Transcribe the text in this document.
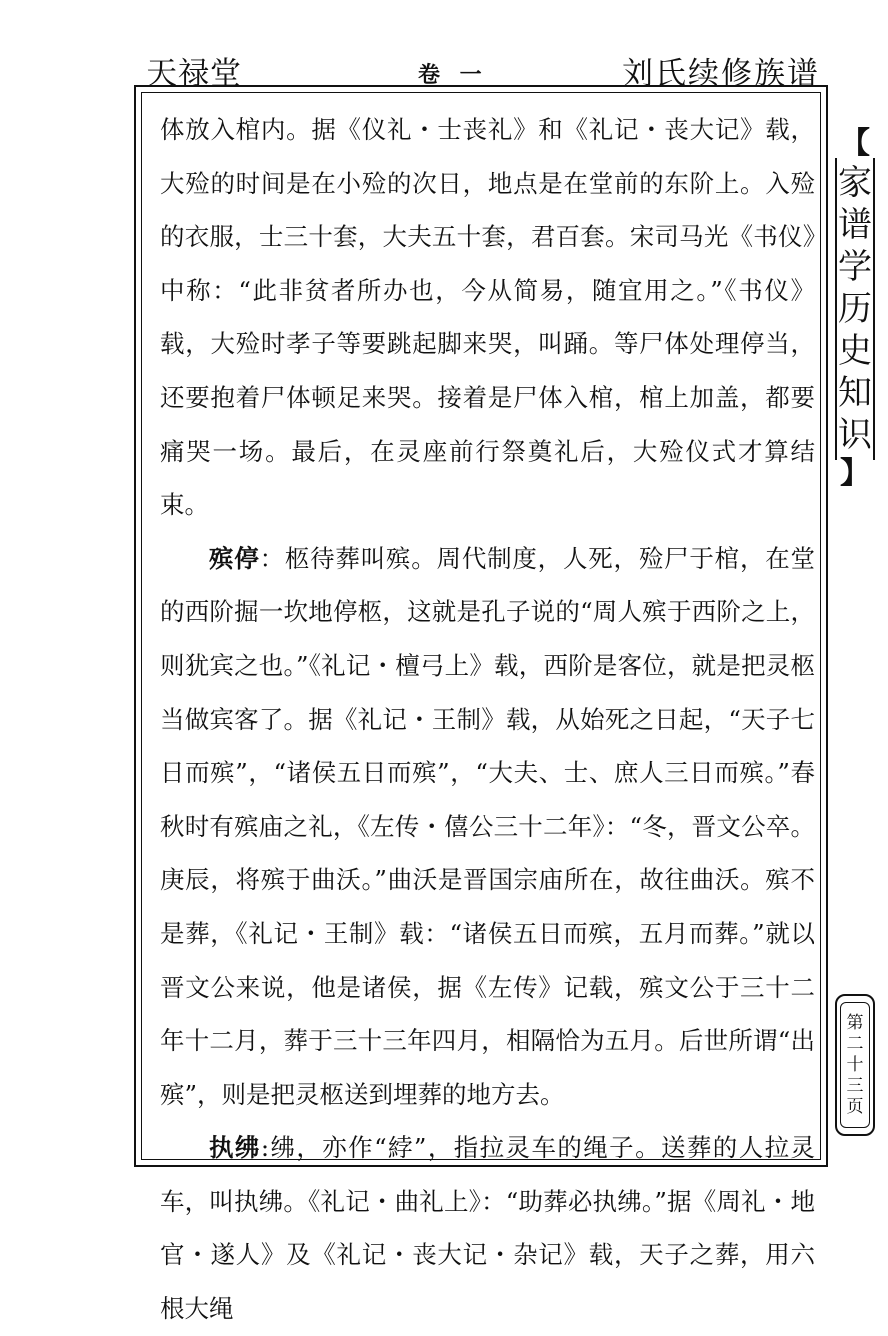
天禄堂	卷 一	刘氏续修族谱

体放入棺内。据《仪礼・士丧礼》和《礼记・丧大记》载，大殓的时间是在小殓的次日，地点是在堂前的东阶上。入殓的衣服，士三十套，大夫五十套，君百套。宋司马光《书仪》中称：“此非贫者所办也，今从简易，随宜用之。”《书仪》载，大殓时孝子等要跳起脚来哭，叫踊。等尸体处理停当，还要抱着尸体顿足来哭。接着是尸体入棺，棺上加盖，都要痛哭一场。最后，在灵座前行祭奠礼后，大殓仪式才算结束。

殡停：柩待葬叫殡。周代制度，人死，殓尸于棺，在堂的西阶掘一坎地停柩，这就是孔子说的“周人殡于西阶之上，则犹宾之也。”《礼记・檀弓上》载，西阶是客位，就是把灵柩当做宾客了。据《礼记・王制》载，从始死之日起，“天子七日而殡”，“诸侯五日而殡”，“大夫、士、庶人三日而殡。”春秋时有殡庙之礼，《左传・僖公三十二年》：“冬，晋文公卒。庚辰，将殡于曲沃。”曲沃是晋国宗庙所在，故往曲沃。殡不是葬，《礼记・王制》载：“诸侯五日而殡，五月而葬。”就以晋文公来说，他是诸侯，据《左传》记载，殡文公于三十二年十二月，葬于三十三年四月，相隔恰为五月。后世所谓“出殡”，则是把灵柩送到埋葬的地方去。

执绋:绋，亦作“綍”，指拉灵车的绳子。送葬的人拉灵车，叫执绋。《礼记・曲礼上》：“助葬必执绋。”据《周礼・地官・遂人》及《礼记・丧大记・杂记》载，天子之葬，用六根大绳

【
家
谱
学
历
史
知
识
】
第
二
十
三
页
